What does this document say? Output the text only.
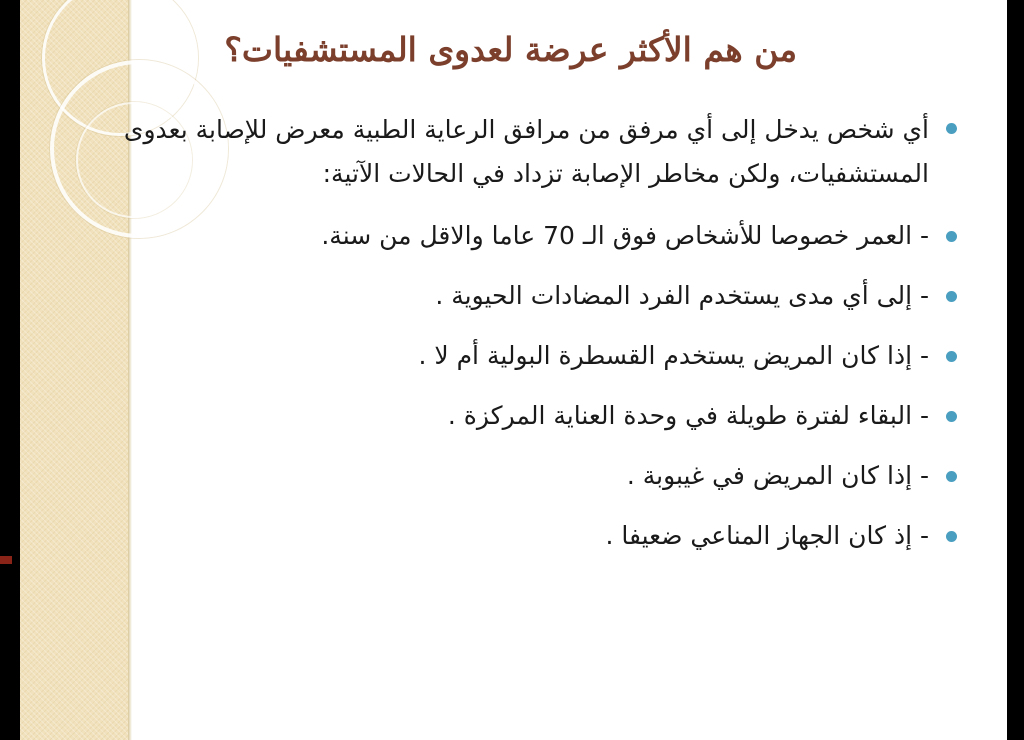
من هم الأكثر عرضة لعدوى المستشفيات؟
أي شخص يدخل إلى أي مرفق من مرافق الرعاية الطبية معرض للإصابة بعدوى المستشفيات، ولكن مخاطر الإصابة تزداد في الحالات الآتية:
- العمر خصوصا للأشخاص فوق الـ 70 عاما والاقل من سنة.
- إلى أي مدى يستخدم الفرد المضادات الحيوية .
- إذا كان المريض يستخدم القسطرة البولية أم لا .
- البقاء لفترة طويلة في وحدة العناية المركزة .
- إذا كان المريض في غيبوبة .
- إذ كان الجهاز المناعي ضعيفا .
